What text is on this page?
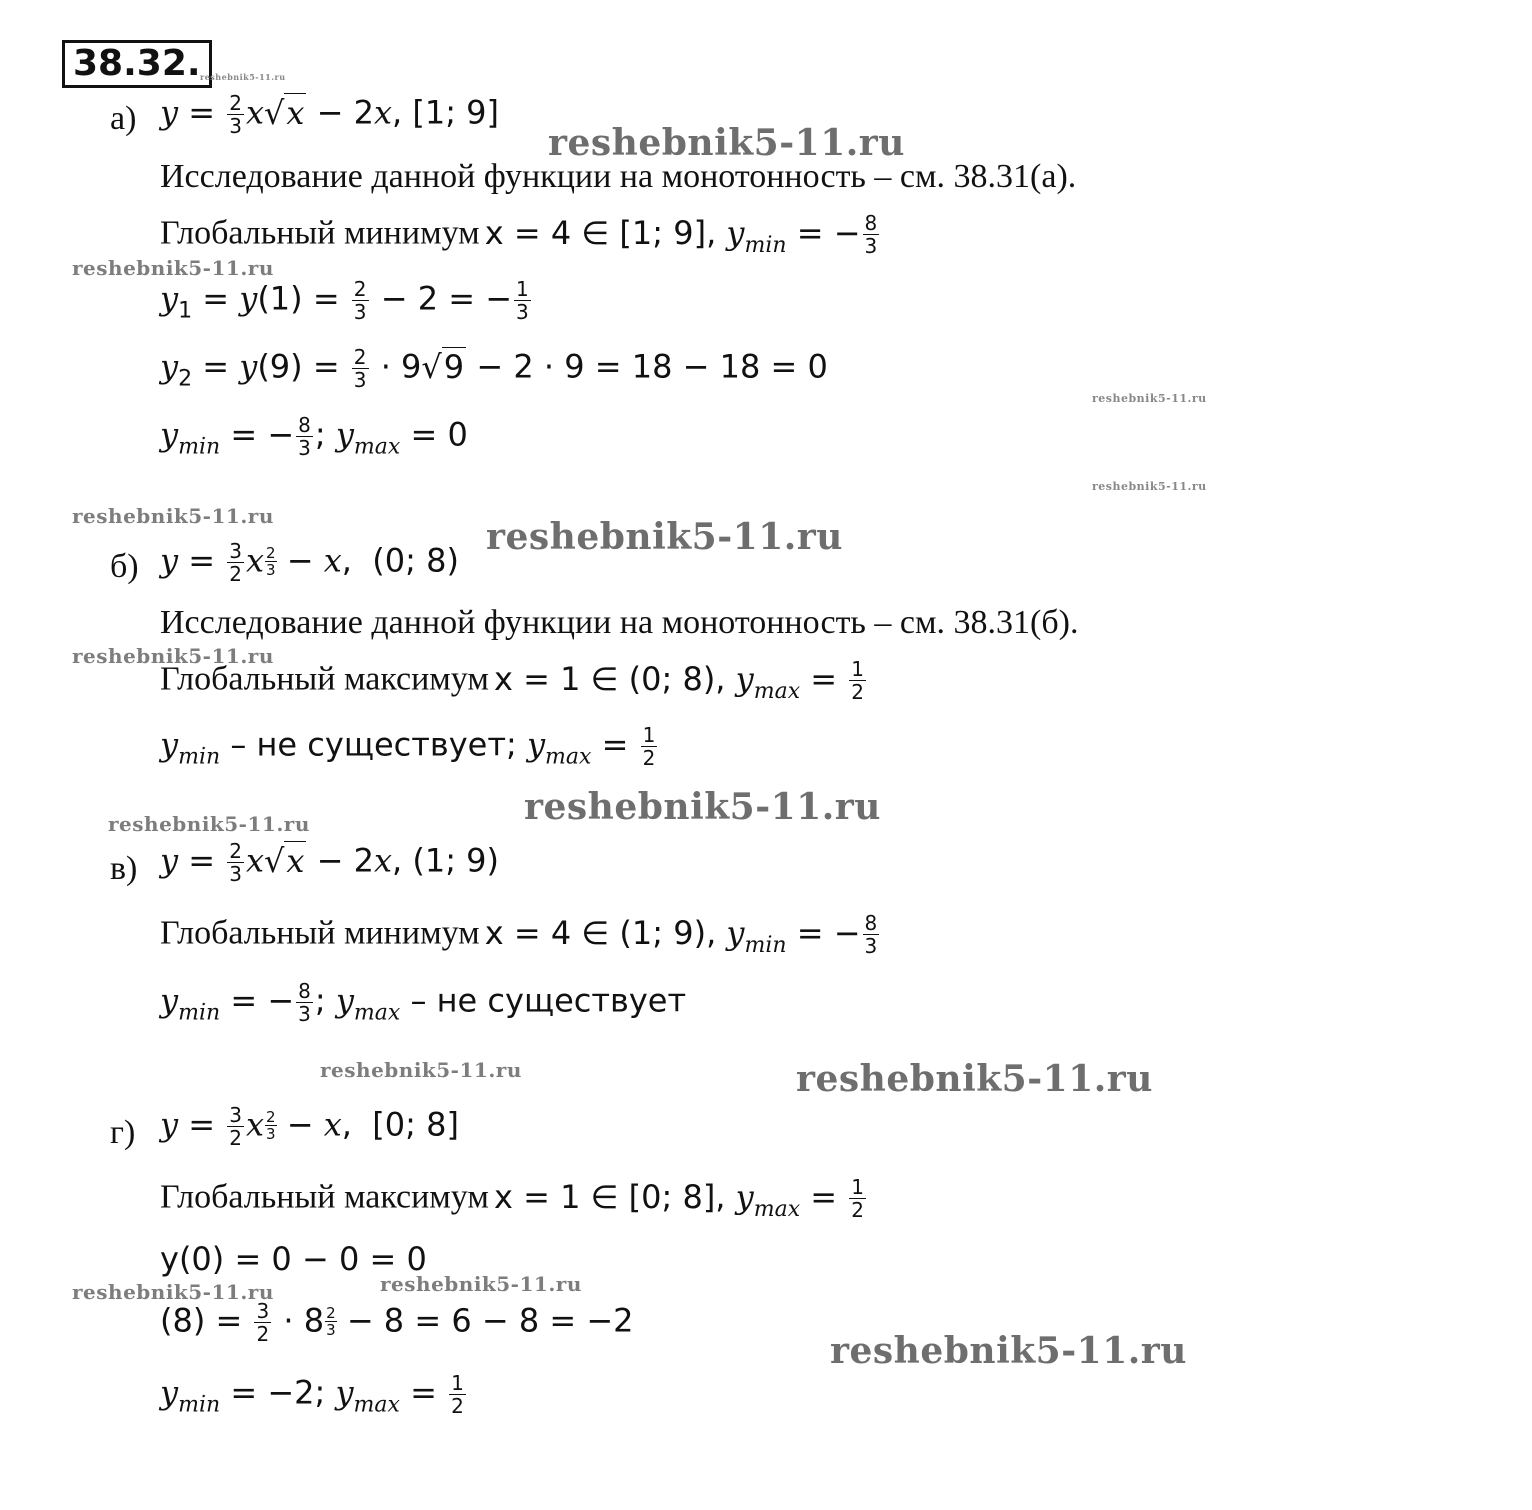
38.32. reshebnik5-11.ru
reshebnik5-11.ru
reshebnik5-11.ru
reshebnik5-11.ru
reshebnik5-11.ru
reshebnik5-11.ru	reshebnik5-11.ru
reshebnik5-11.ru
reshebnik5-11.ru
reshebnik5-11.ru
reshebnik5-11.ru	reshebnik5-11.ru
reshebnik5-11.ru	reshebnik5-11.ru
reshebnik5-11.ru
а) $y = \frac{2}{3} x√x - 2x$, [1; 9]
Исследование данной функции на монотонность – см. 38.31(а).
Глобальный минимум x = 4 ∈ [1; 9], $y_{min}$ = − $\frac{8}{3}$
$y_1 = y(1) = \frac{2}{3} - 2$ = − $\frac{1}{3}$
$y_2 = y(9) = \frac{2}{3} \cdot 9√9 - 2 \cdot 9 = 18 - 18 = 0$
$y_{min}$ = − $\frac{8}{3}$ ; $y_{max} = 0$
б) $y = \frac{3}{2}$ x $\frac{2}{3} - x$,  (0; 8)
Исследование данной функции на монотонность – см. 38.31(б).
Глобальный максимум x = 1 ∈ (0; 8), $y_{max} = \frac{1}{2}$
$y_{min}$ – не существует; $y_{max} = \frac{1}{2}$
в) $y = \frac{2}{3} x√x - 2x$, (1; 9)
Глобальный минимум x = 4 ∈ (1; 9), $y_{min}$ = − $\frac{8}{3}$
$y_{min}$ = − $\frac{8}{3}$ ; $y_{max}$ – не существует
г) $y = \frac{3}{2}$ x $\frac{2}{3} - x$,  [0; 8]
Глобальный максимум x = 1 ∈ [0; 8], $y_{max} = \frac{1}{2}$
y(0) = 0 − 0 = 0
$(8) = \frac{3}{2} \cdot 8 \frac{2}{3} - 8 = 6 - 8 = -2$
$y_{min} = -2$; $y_{max} = \frac{1}{2}$
